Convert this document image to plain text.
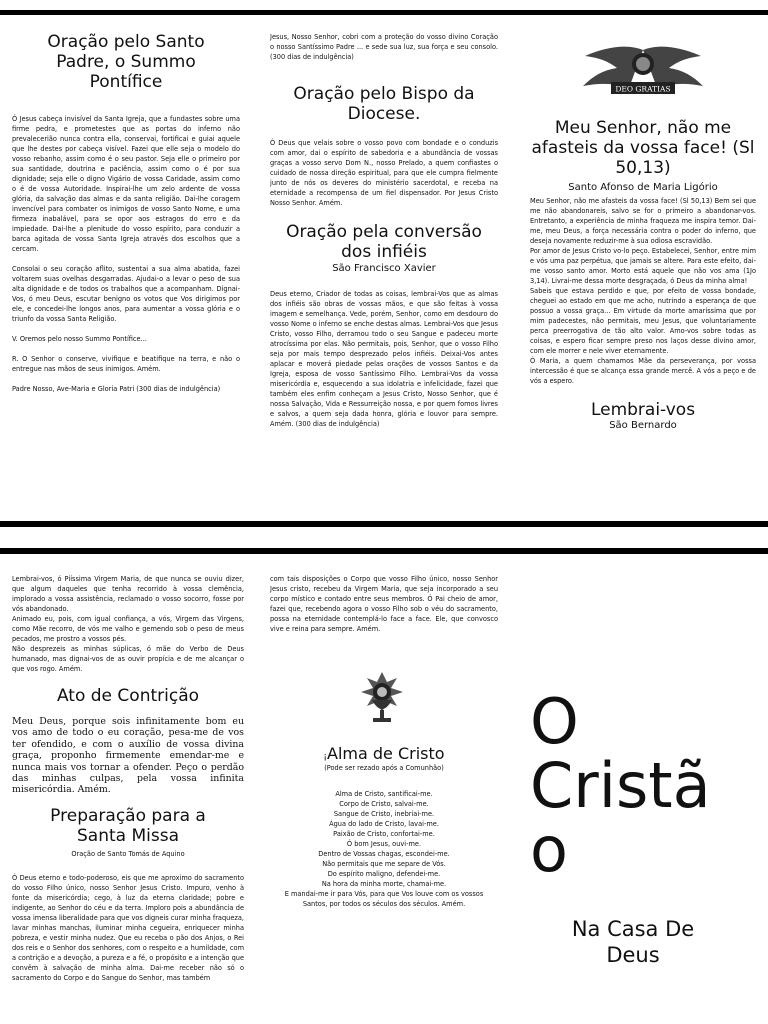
Oração pelo Santo Padre, o Summo Pontífice

Ó Jesus cabeça invisível da Santa Igreja, que a fundastes sobre uma firme pedra, e prometestes que as portas do inferno não prevalecerião nunca contra ella, conservai, fortificai e guiai aquele que lhe destes por cabeça visível. Fazei que elle seja o modelo do vosso rebanho, assim como é o seu pastor. Seja elle o primeiro por sua santidade, doutrina e paciência, assim como o é por sua dignidade; seja elle o digno Vigário de vossa Caridade, assim como o é de vossa Autoridade. Inspirai-lhe um zelo ardente de vossa glória, da salvação das almas e da santa religião. Dai-lhe coragem invencível para combater os inimigos de vosso Santo Nome, e uma firmeza inabalável, para se opor aos estragos do erro e da impiedade. Dai-lhe a plenitude do vosso espírito, para conduzir a barca agitada de vossa Santa Igreja através dos escolhos que a cercam.

Consolai o seu coração aflito, sustentai a sua alma abatida, fazei voltarem suas ovelhas desgarradas. Ajudai-o a levar o peso de sua alta dignidade e de todos os trabalhos que a acompanham. Dignai-Vos, ó meu Deus, escutar benigno os votos que Vos dirigimos por ele, e concedei-lhe longos anos, para aumentar a vossa glória e o triunfo da vossa Santa Religião.

V. Oremos pelo nosso Summo Pontífice...

R. O Senhor o conserve, vivifique e beatifique na terra, e não o entregue nas mãos de seus inimigos. Amém.

Padre Nosso, Ave-Maria e Gloria Patri (300 dias de indulgência)

Jesus, Nosso Senhor, cobri com a proteção do vosso divino Coração o nosso Santíssimo Padre ... e sede sua luz, sua força e seu consolo. (300 dias de indulgência)

Oração pelo Bispo da Diocese.

Ó Deus que velais sobre o vosso povo com bondade e o conduzis com amor, dai o espírito de sabedoria e a abundância de vossas graças a vosso servo Dom N., nosso Prelado, a quem confiastes o cuidado de nossa direção espiritual, para que ele cumpra fielmente junto de nós os deveres do ministério sacerdotal, e receba na eternidade a recompensa de um fiel dispensador. Por Jesus Cristo Nosso Senhor. Amém.

Oração pela conversão dos infiéis

São Francisco Xavier

Deus eterno, Criador de todas as coisas, lembrai-Vos que as almas dos infiéis são obras de vossas mãos, e que são feitas à vossa imagem e semelhança. Vede, porém, Senhor, como em desdouro do vosso Nome o inferno se enche destas almas. Lembrai-Vos que Jesus Cristo, vosso Filho, derramou todo o seu Sangue e padeceu morte atrocíssima por elas. Não permitais, pois, Senhor, que o vosso Filho seja por mais tempo desprezado pelos infiéis. Deixai-Vos antes aplacar e moverá piedade pelas orações de vossos Santos e da Igreja, esposa de vosso Santíssimo Filho. Lembrai-Vos da vossa misericórdia e, esquecendo a sua idolatria e infelicidade, fazei que também eles enfim conheçam a Jesus Cristo, Nosso Senhor, que é nossa Salvação, Vida e Ressurreição nossa, e por quem fomos livres e salvos, a quem seja dada honra, glória e louvor para sempre. Amém. (300 dias de indulgência)

DEO GRATIAS
Meu Senhor, não me afasteis da vossa face! (Sl 50,13)

Santo Afonso de Maria Ligório

Meu Senhor, não me afasteis da vossa face! (Sl 50,13) Bem sei que me não abandonareis, salvo se for o primeiro a abandonar-vos. Entretanto, a experiência de minha fraqueza me inspira temor. Dai-me, meu Deus, a força necessária contra o poder do inferno, que deseja novamente reduzir-me à sua odiosa escravidão.

Por amor de Jesus Cristo vo-lo peço. Estabelecei, Senhor, entre mim e vós uma paz perpétua, que jamais se altere. Para este efeito, dai-me vosso santo amor. Morto está aquele que não vos ama (1Jo 3,14). Livrai-me dessa morte desgraçada, ó Deus da minha alma!

Sabeis que estava perdido e que, por efeito de vossa bondade, cheguei ao estado em que me acho, nutrindo a esperança de que possuo a vossa graça... Em virtude da morte amaríssima que por mim padecestes, não permitais, meu Jesus, que voluntariamente perca preerrogativa de tão alto valor. Amo-vos sobre todas as coisas, e espero ficar sempre preso nos laços desse divino amor, com ele morrer e nele viver eternamente.

Ó Maria, a quem chamamos Mãe da perseverança, por vossa intercessão é que se alcança essa grande mercê. A vós a peço e de vós a espero.

Lembrai-vos

São Bernardo

Lembrai-vos, ó Piíssima Virgem Maria, de que nunca se ouviu dizer, que algum daqueles que tenha recorrido à vossa clemência, implorado a vossa assistência, reclamado o vosso socorro, fosse por vós abandonado.

Animado eu, pois, com igual confiança, a vós, Virgem das Virgens, como Mãe recorro, de vós me valho e gemendo sob o peso de meus pecados, me prostro a vossos pés.

Não desprezeis as minhas súplicas, ó mãe do Verbo de Deus humanado, mas dignai-vos de as ouvir propícia e de me alcançar o que vos rogo. Amém.

Ato de Contrição

Meu Deus, porque sois infinitamente bom eu vos amo de todo o eu coração, pesa-me de vos ter ofendido, e com o auxílio de vossa divina graça, proponho firmemente emendar-me e nunca mais vos tornar a ofender. Peço o perdão das minhas culpas, pela vossa infinita misericórdia. Amém.

Preparação para a Santa Missa

Oração de Santo Tomás de Aquino

Ó Deus eterno e todo-poderoso, eis que me aproximo do sacramento do vosso Filho único, nosso Senhor Jesus Cristo. Impuro, venho à fonte da misericórdia; cego, à luz da eterna claridade; pobre e indigente, ao Senhor do céu e da terra. Imploro pois a abundância de vossa imensa liberalidade para que vos digneis curar minha fraqueza, lavar minhas manchas, iluminar minha cegueira, enriquecer minha pobreza, e vestir minha nudez. Que eu receba o pão dos Anjos, o Rei dos reis e o Senhor dos senhores, com o respeito e a humildade, com a contrição e a devoção, a pureza e a fé, o propósito e a intenção que convêm à salvação de minha alma. Dai-me receber não só o sacramento do Corpo e do Sangue do Senhor, mas também

com tais disposições o Corpo que vosso Filho único, nosso Senhor Jesus cristo, recebeu da Virgem Maria, que seja incorporado a seu corpo místico e contado entre seus membros. Ó Pai cheio de amor, fazei que, recebendo agora o vosso Filho sob o véu do sacramento, possa na eternidade contemplá-lo face a face. Ele, que convosco vive e reina para sempre. Amém.

¡Alma de Cristo

(Pode ser rezado após a Comunhão)

Alma de Cristo, santificai-me.

Corpo de Cristo, salvai-me.

Sangue de Cristo, inebriai-me.

Água do lado de Cristo, lavai-me.

Paixão de Cristo, confortai-me.

Ó bom Jesus, ouvi-me.

Dentro de Vossas chagas, escondei-me.

Não permitais que me separe de Vós.

Do espírito maligno, defendei-me.

Na hora da minha morte, chamai-me.

E mandai-me ir para Vós, para que Vos louve com os vossos

Santos, por todos os séculos dos séculos. Amém.

O
Cristã
o
Na Casa De Deus
